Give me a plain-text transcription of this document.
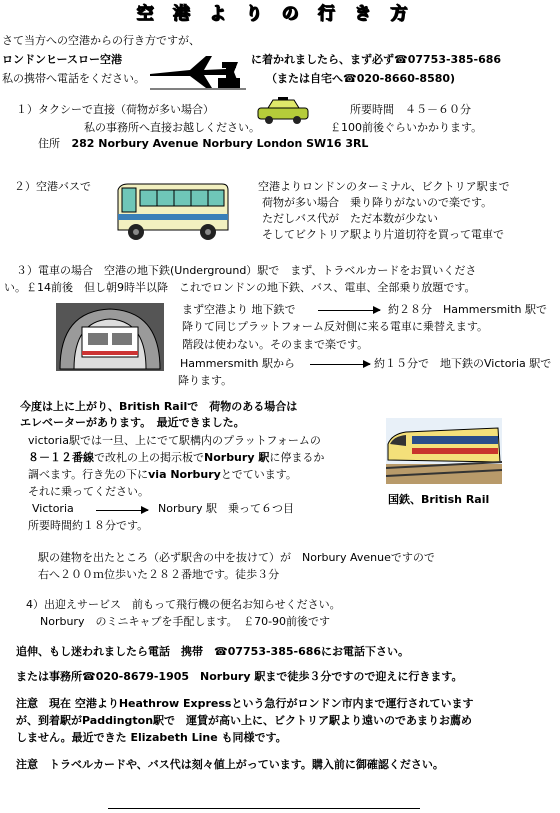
空	港	よ	り	の	行	き	方
さて当方への空港からの行き方ですが、
ロンドンヒースロー空港	に着かれましたら、まず必ず☎07753-385-686
私の携帯へ電話をください。	（または自宅へ☎020-8660-8580)
１）タクシーで直接（荷物が多い場合）	所要時間　４５－６０分
私の事務所へ直接お越しください。	￡100前後ぐらいかかります。
住所 282 Norbury Avenue Norbury London SW16 3RL
２）空港バスで	空港よりロンドンのターミナル、ビクトリア駅まで
荷物が多い場合　乗り降りがないので楽です。
ただしバス代が　ただ本数が少ない
そしてビクトリア駅より片道切符を買って電車で
３）電車の場合　空港の地下鉄(Underground）駅で　まず、トラベルカードをお買いくださ
い。￡14前後　但し朝9時半以降　これでロンドンの地下鉄、バス、電車、全部乗り放題です。
まず空港より 地下鉄で	約２８分　Hammersmith 駅で
降りて同じプラットフォーム反対側に来る電車に乗替えます。
階段は使わない。そのままで楽です。
Hammersmith 駅から	約１５分で　地下鉄のVictoria 駅で
降ります。
今度は上に上がり、British Railで　荷物のある場合は
エレベーターがあります。　最近できました。
victoria駅では一旦、上にでて駅構内のプラットフォームの
８－１２番線で改札の上の掲示板でNorbury 駅に停まるか
調べます。行き先の下にvia Norburyとでています。
それに乗ってください。
Victoria	Norbury 駅　乗って６つ目
所要時間約１８分です。
国鉄、British Rail
駅の建物を出たところ（必ず駅舎の中を抜けて）が　Norbury Avenueですので
右へ２００ｍ位歩いた２８２番地です。徒歩３分
4）出迎えサービス　前もって飛行機の便名お知らせください。
Norbury　のミニキャブを手配します。　￡70-90前後です
追伸、もし迷われましたら電話　携帯　 ☎07753-385-686にお電話下さい。
または事務所☎020-8679-1905　Norbury 駅まで徒歩３分ですので迎えに行きます。
注意　現在 空港よりHeathrow Expressという急行がロンドン市内まで運行されています
が、到着駅がPaddington駅で　運賃が高い上に、ビクトリア駅より遠いのであまりお薦め
しません。最近できた Elizabeth Line も同様です。
注意　トラベルカードや、バス代は刻々値上がっています。購入前に御確認ください。
